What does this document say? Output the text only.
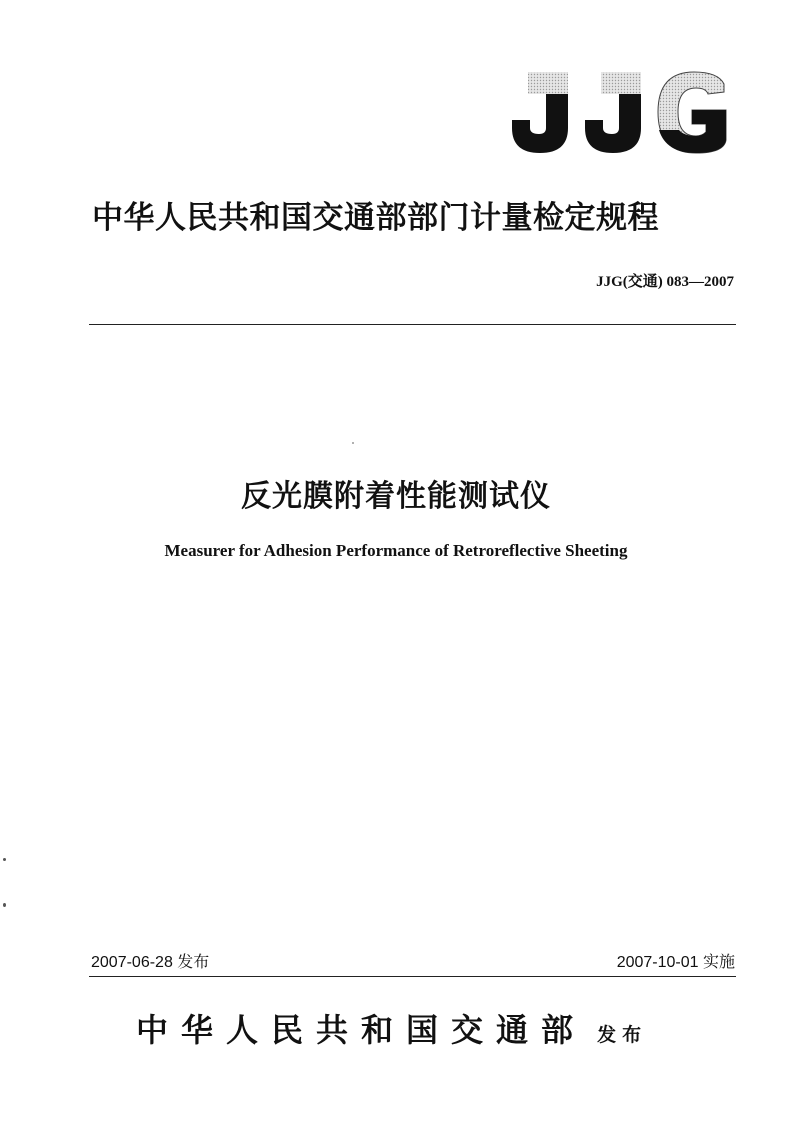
中华人民共和国交通部部门计量检定规程
JJG(交通) 083—2007
反光膜附着性能测试仪
Measurer for Adhesion Performance of Retroreflective Sheeting
2007-06-28 发布	2007-10-01 实施
中华人民共和国交通部 发布
